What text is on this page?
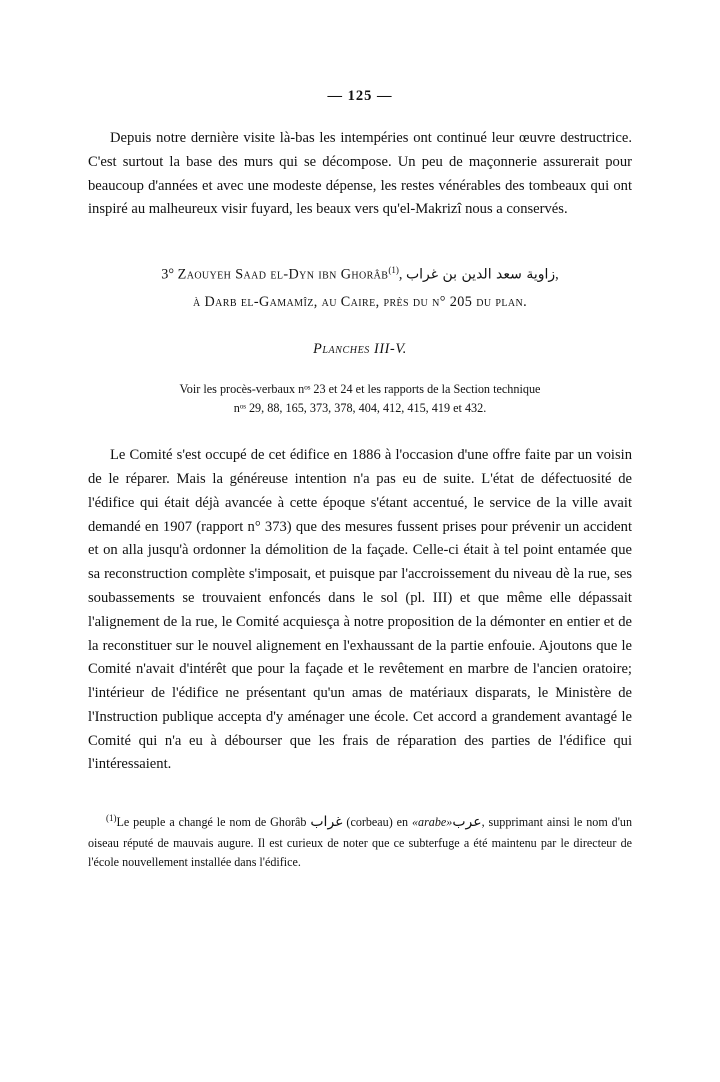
— 125 —

Depuis notre dernière visite là-bas les intempéries ont continué leur œuvre destructrice. C'est surtout la base des murs qui se décompose. Un peu de maçonnerie assurerait pour beaucoup d'années et avec une modeste dépense, les restes vénérables des tombeaux qui ont inspiré au malheureux visir fuyard, les beaux vers qu'el-Makrizî nous a conservés.

3° Zaouyeh Saad el-Dyn ibn Ghorâb$^{(1)}$, زاوية سعد الدين بن غراب,
à Darb el-Gamamîz, au Caire, près du n° 205 du plan.
Planches III-V.
Voir les procès-verbaux nᵒˢ 23 et 24 et les rapports de la Section technique
nᵒˢ 29, 88, 165, 373, 378, 404, 412, 415, 419 et 432.

Le Comité s'est occupé de cet édifice en 1886 à l'occasion d'une offre faite par un voisin de le réparer. Mais la généreuse intention n'a pas eu de suite. L'état de défectuosité de l'édifice qui était déjà avancée à cette époque s'étant accentué, le service de la ville avait demandé en 1907 (rapport n° 373) que des mesures fussent prises pour prévenir un accident et on alla jusqu'à ordonner la démolition de la façade. Celle-ci était à tel point entamée que sa reconstruction complète s'imposait, et puisque par l'accroissement du niveau dè la rue, ses soubassements se trouvaient enfoncés dans le sol (pl. III) et que même elle dépassait l'alignement de la rue, le Comité acquiesça à notre proposition de la démonter en entier et de la reconstituer sur le nouvel alignement en l'exhaussant de la partie enfouie. Ajoutons que le Comité n'avait d'intérêt que pour la façade et le revêtement en marbre de l'ancien oratoire; l'intérieur de l'édifice ne présentant qu'un amas de matériaux disparats, le Ministère de l'Instruction publique accepta d'y aménager une école. Cet accord a grandement avantagé le Comité qui n'a eu à débourser que les frais de réparation des parties de l'édifice qui l'intéressaient.

$^{(1)}$Le peuple a changé le nom de Ghorâb غراب (corbeau) en «arabe»عرب, supprimant ainsi le nom d'un oiseau réputé de mauvais augure. Il est curieux de noter que ce subterfuge a été maintenu par le directeur de l'école nouvellement installée dans l'édifice.
